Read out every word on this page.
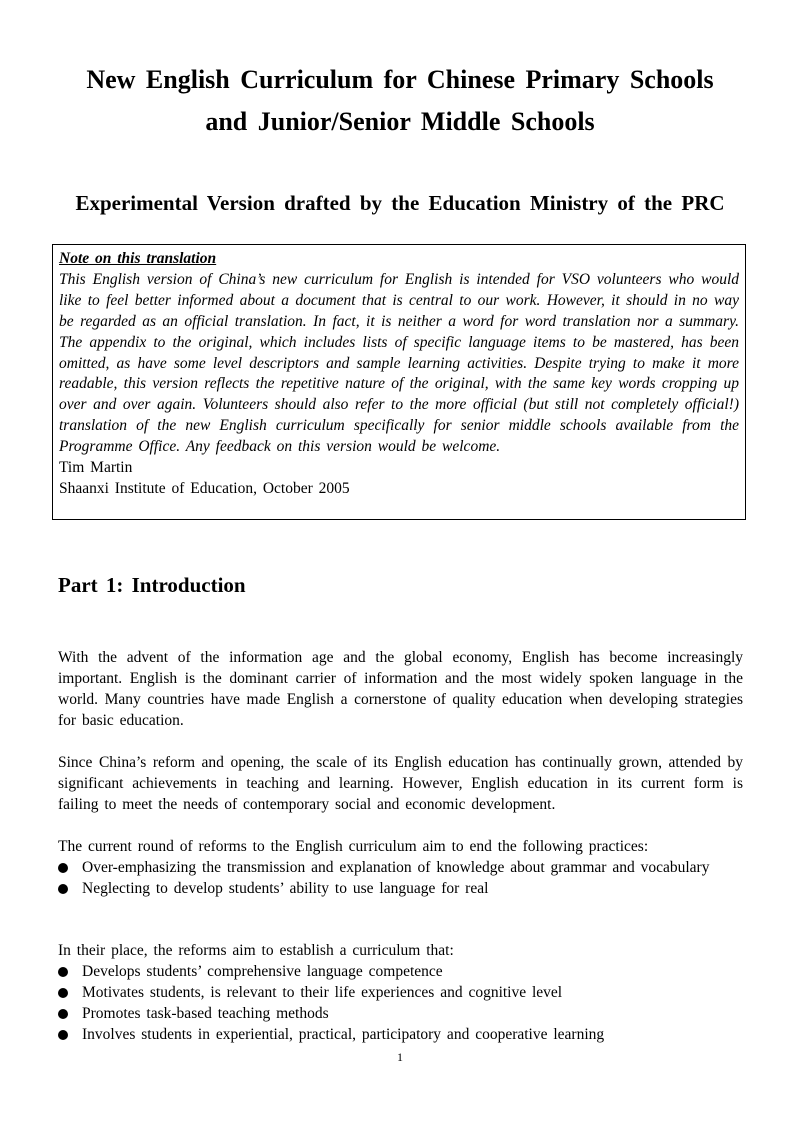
New English Curriculum for Chinese Primary Schools
and Junior/Senior Middle Schools
Experimental Version drafted by the Education Ministry of the PRC
Note on this translation
This English version of China’s new curriculum for English is intended for VSO volunteers who would like to feel better informed about a document that is central to our work. However, it should in no way be regarded as an official translation. In fact, it is neither a word for word translation nor a summary. The appendix to the original, which includes lists of specific language items to be mastered, has been omitted, as have some level descriptors and sample learning activities. Despite trying to make it more readable, this version reflects the repetitive nature of the original, with the same key words cropping up over and over again. Volunteers should also refer to the more official (but still not completely official!) translation of the new English curriculum specifically for senior middle schools available from the Programme Office. Any feedback on this version would be welcome.
Tim Martin
Shaanxi Institute of Education, October 2005
Part 1: Introduction
With the advent of the information age and the global economy, English has become increasingly important. English is the dominant carrier of information and the most widely spoken language in the world. Many countries have made English a cornerstone of quality education when developing strategies for basic education.
Since China’s reform and opening, the scale of its English education has continually grown, attended by significant achievements in teaching and learning. However, English education in its current form is failing to meet the needs of contemporary social and economic development.
The current round of reforms to the English curriculum aim to end the following practices:
Over-emphasizing the transmission and explanation of knowledge about grammar and vocabulary
Neglecting to develop students’ ability to use language for real
In their place, the reforms aim to establish a curriculum that:
Develops students’ comprehensive language competence
Motivates students, is relevant to their life experiences and cognitive level
Promotes task-based teaching methods
Involves students in experiential, practical, participatory and cooperative learning
1
